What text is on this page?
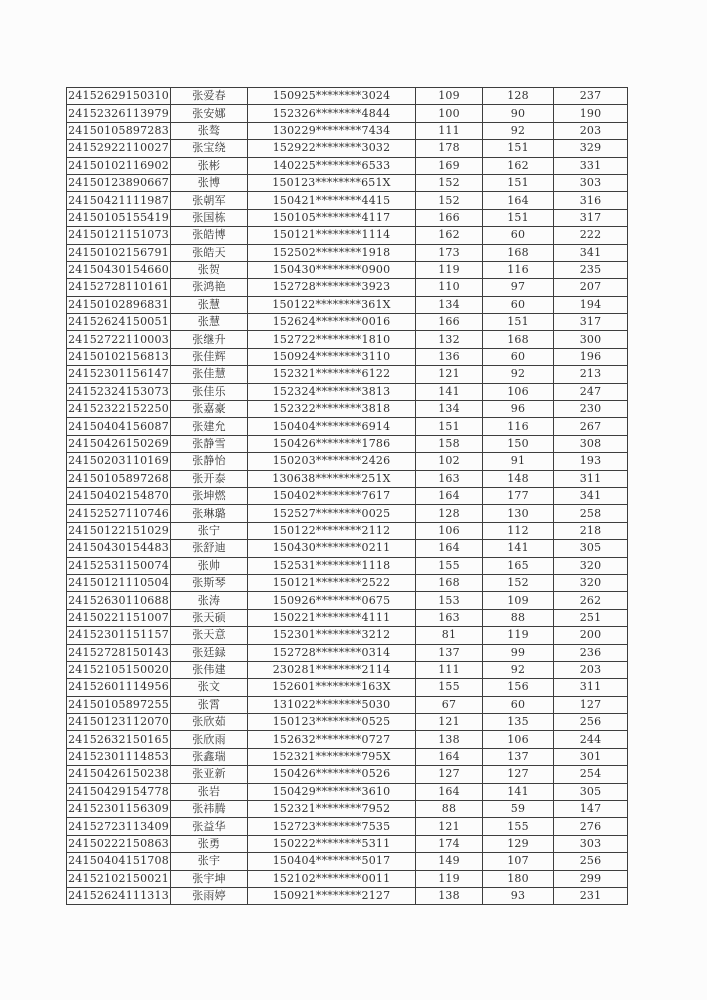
24152629150310	张爱春	150925********3024	109	128	237
24152326113979	张安娜	152326********4844	100	90	190
24150105897283	张骜	130229********7434	111	92	203
24152922110027	张宝绕	152922********3032	178	151	329
24150102116902	张彬	140225********6533	169	162	331
24150123890667	张博	150123********651X	152	151	303
24150421111987	张朝军	150421********4415	152	164	316
24150105155419	张国栋	150105********4117	166	151	317
24150121151073	张皓博	150121********1114	162	60	222
24150102156791	张皓天	152502********1918	173	168	341
24150430154660	张贺	150430********0900	119	116	235
24152728110161	张鸿艳	152728********3923	110	97	207
24150102896831	张慧	150122********361X	134	60	194
24152624150051	张慧	152624********0016	166	151	317
24152722110003	张继升	152722********1810	132	168	300
24150102156813	张佳辉	150924********3110	136	60	196
24152301156147	张佳慧	152321********6122	121	92	213
24152324153073	张佳乐	152324********3813	141	106	247
24152322152250	张嘉豪	152322********3818	134	96	230
24150404156087	张建允	150404********6914	151	116	267
24150426150269	张静雪	150426********1786	158	150	308
24150203110169	张静怡	150203********2426	102	91	193
24150105897268	张开泰	130638********251X	163	148	311
24150402154870	张坤燃	150402********7617	164	177	341
24152527110746	张琳璐	152527********0025	128	130	258
24150122151029	张宁	150122********2112	106	112	218
24150430154483	张舒迪	150430********0211	164	141	305
24152531150074	张帅	152531********1118	155	165	320
24150121110504	张斯琴	150121********2522	168	152	320
24152630110688	张涛	150926********0675	153	109	262
24150221151007	张天硕	150221********4111	163	88	251
24152301151157	张天意	152301********3212	81	119	200
24152728150143	张廷録	152728********0314	137	99	236
24152105150020	张伟建	230281********2114	111	92	203
24152601114956	张文	152601********163X	155	156	311
24150105897255	张霄	131022********5030	67	60	127
24150123112070	张欣茹	150123********0525	121	135	256
24152632150165	张欣雨	152632********0727	138	106	244
24152301114853	张鑫瑞	152321********795X	164	137	301
24150426150238	张亚新	150426********0526	127	127	254
24150429154778	张岩	150429********3610	164	141	305
24152301156309	张祎腾	152321********7952	88	59	147
24152723113409	张益华	152723********7535	121	155	276
24150222150863	张勇	150222********5311	174	129	303
24150404151708	张宇	150404********5017	149	107	256
24152102150021	张宇坤	152102********0011	119	180	299
24152624111313	张雨婷	150921********2127	138	93	231
